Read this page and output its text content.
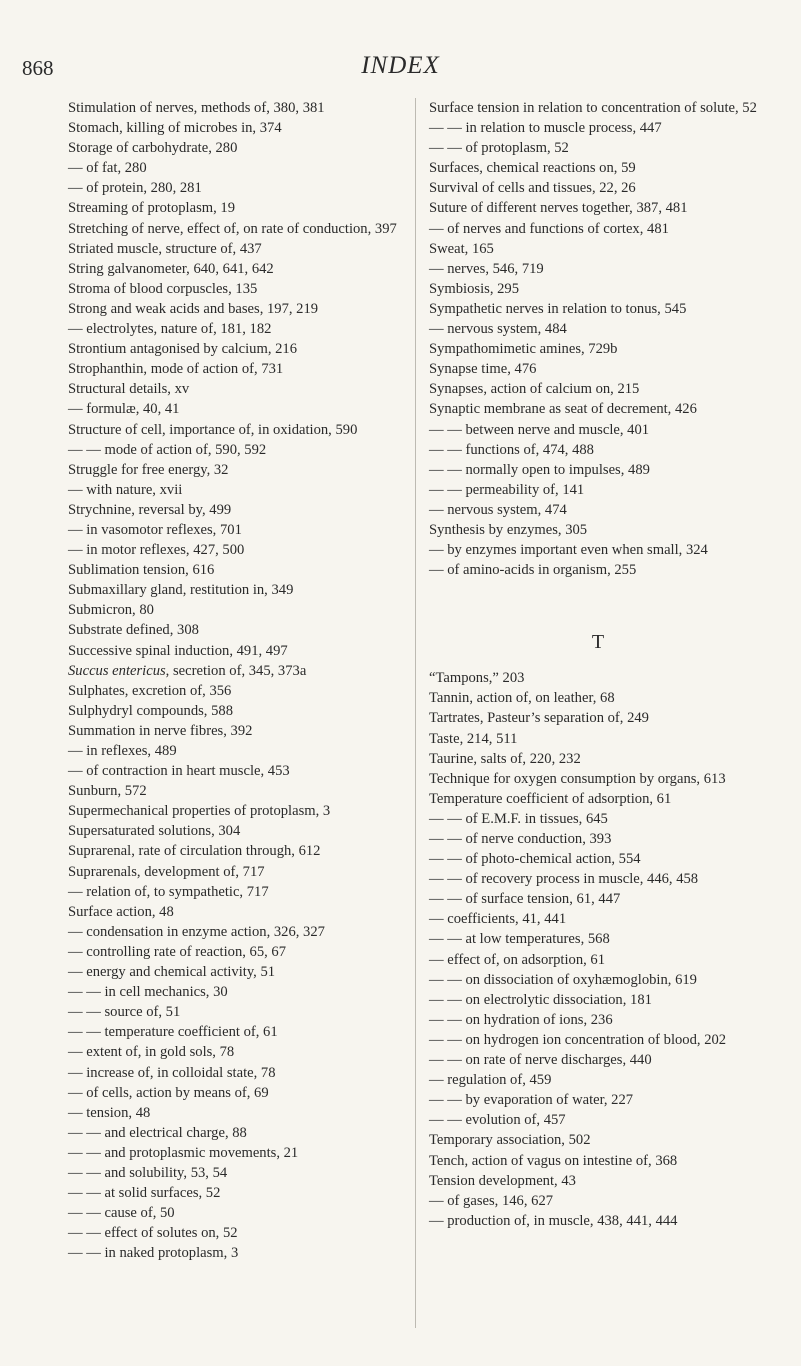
868	INDEX
Stimulation of nerves, methods of, 380, 381
Stomach, killing of microbes in, 374
Storage of carbohydrate, 280
— of fat, 280
— of protein, 280, 281
Streaming of protoplasm, 19
Stretching of nerve, effect of, on rate of conduction, 397
Striated muscle, structure of, 437
String galvanometer, 640, 641, 642
Stroma of blood corpuscles, 135
Strong and weak acids and bases, 197, 219
— electrolytes, nature of, 181, 182
Strontium antagonised by calcium, 216
Strophanthin, mode of action of, 731
Structural details, xv
— formulæ, 40, 41
Structure of cell, importance of, in oxidation, 590
— — mode of action of, 590, 592
Struggle for free energy, 32
— with nature, xvii
Strychnine, reversal by, 499
— in vasomotor reflexes, 701
— in motor reflexes, 427, 500
Sublimation tension, 616
Submaxillary gland, restitution in, 349
Submicron, 80
Substrate defined, 308
Successive spinal induction, 491, 497
Succus entericus, secretion of, 345, 373a
Sulphates, excretion of, 356
Sulphydryl compounds, 588
Summation in nerve fibres, 392
— in reflexes, 489
— of contraction in heart muscle, 453
Sunburn, 572
Supermechanical properties of protoplasm, 3
Supersaturated solutions, 304
Suprarenal, rate of circulation through, 612
Suprarenals, development of, 717
— relation of, to sympathetic, 717
Surface action, 48
— condensation in enzyme action, 326, 327
— controlling rate of reaction, 65, 67
— energy and chemical activity, 51
— — in cell mechanics, 30
— — source of, 51
— — temperature coefficient of, 61
— extent of, in gold sols, 78
— increase of, in colloidal state, 78
— of cells, action by means of, 69
— tension, 48
— — and electrical charge, 88
— — and protoplasmic movements, 21
— — and solubility, 53, 54
— — at solid surfaces, 52
— — cause of, 50
— — effect of solutes on, 52
— — in naked protoplasm, 3
Surface tension in relation to concentration of solute, 52
— — in relation to muscle process, 447
— — of protoplasm, 52
Surfaces, chemical reactions on, 59
Survival of cells and tissues, 22, 26
Suture of different nerves together, 387, 481
— of nerves and functions of cortex, 481
Sweat, 165
— nerves, 546, 719
Symbiosis, 295
Sympathetic nerves in relation to tonus, 545
— nervous system, 484
Sympathomimetic amines, 729b
Synapse time, 476
Synapses, action of calcium on, 215
Synaptic membrane as seat of decrement, 426
— — between nerve and muscle, 401
— — functions of, 474, 488
— — normally open to impulses, 489
— — permeability of, 141
— nervous system, 474
Synthesis by enzymes, 305
— by enzymes important even when small, 324
— of amino-acids in organism, 255
T
“Tampons,” 203
Tannin, action of, on leather, 68
Tartrates, Pasteur’s separation of, 249
Taste, 214, 511
Taurine, salts of, 220, 232
Technique for oxygen consumption by organs, 613
Temperature coefficient of adsorption, 61
— — of E.M.F. in tissues, 645
— — of nerve conduction, 393
— — of photo-chemical action, 554
— — of recovery process in muscle, 446, 458
— — of surface tension, 61, 447
— coefficients, 41, 441
— — at low temperatures, 568
— effect of, on adsorption, 61
— — on dissociation of oxyhæmoglobin, 619
— — on electrolytic dissociation, 181
— — on hydration of ions, 236
— — on hydrogen ion concentration of blood, 202
— — on rate of nerve discharges, 440
— regulation of, 459
— — by evaporation of water, 227
— — evolution of, 457
Temporary association, 502
Tench, action of vagus on intestine of, 368
Tension development, 43
— of gases, 146, 627
— production of, in muscle, 438, 441, 444
